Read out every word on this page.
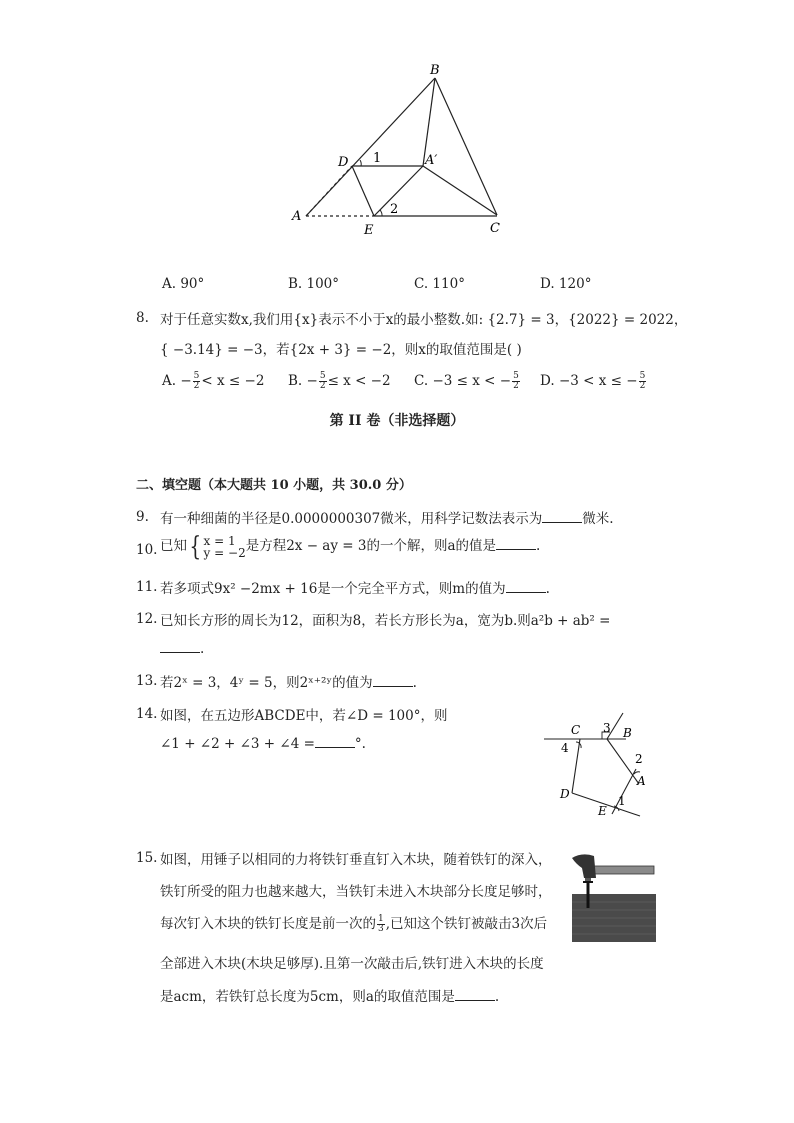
B
D 1	A′
A	2
E	C
A. 90°	B. 100°	C. 110°	D. 120°
8. 对于任意实数x,我们用{x}表示不小于x的最小整数.如: {2.7} = 3，{2022} = 2022，
{ −3.14} = −3，若{2x + 3} = −2，则x的取值范围是( )
A. − $\frac{5}{2} < x \le -2$ B. − $\frac{5}{2} \le x < -2$ C. −3 ≤ x < − $\frac{5}{2} D$. −3 < x ≤ − $\frac{5}{2}$
第 II 卷（非选择题）
二、填空题（本大题共 10 小题，共 30.0 分）
9. 有一种细菌的半径是0.0000000307微米，用科学记数法表示为	微米.
10. 已知{ x = 1
y = −2 是方程2x − ay = 3的一个解，则a的值是	.
11. 若多项式9x² −2mx + 16是一个完全平方式，则m的值为	.
12. 已知长方形的周长为12，面积为8，若长方形长为a，宽为b.则a²b + ab² =
.
13. 若2ˣ = 3，4ʸ = 5，则2ˣ⁺²ʸ的值为	.
14. 如图，在五边形ABCDE中，若∠D = 100°，则
∠1 + ∠2 + ∠3 + ∠4 =	°.
C 3 B
4
2
A
D
E
1
15. 如图，用锤子以相同的力将铁钉垂直钉入木块，随着铁钉的深入，
铁钉所受的阻力也越来越大，当铁钉未进入木块部分长度足够时，
每次钉入木块的铁钉长度是前一次的 $\frac{1}{3}$ ,已知这个铁钉被敲击3次后
全部进入木块(木块足够厚).且第一次敲击后,铁钉进入木块的长度
是acm，若铁钉总长度为5cm，则a的取值范围是	.
